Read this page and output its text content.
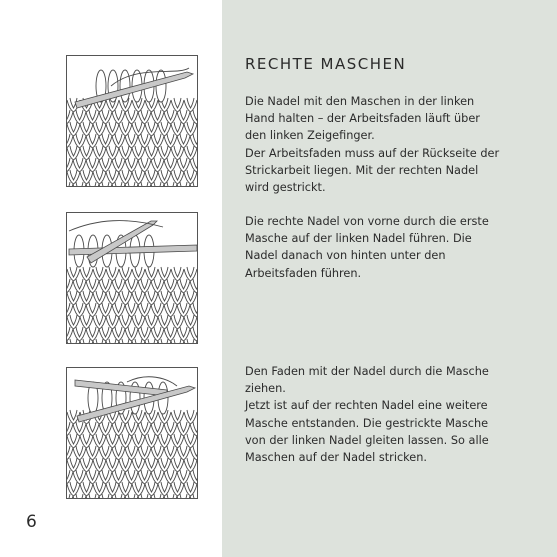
RECHTE MASCHEN
Die Nadel mit den Maschen in der linken
Hand halten – der Arbeitsfaden läuft über
den linken Zeigefinger.
Der Arbeitsfaden muss auf der Rückseite der
Strickarbeit liegen. Mit der rechten Nadel
wird gestrickt.
Die rechte Nadel von vorne durch die erste
Masche auf der linken Nadel führen. Die
Nadel danach von hinten unter den
Arbeitsfaden führen.
Den Faden mit der Nadel durch die Masche
ziehen.
Jetzt ist auf der rechten Nadel eine weitere
Masche entstanden. Die gestrickte Masche
von der linken Nadel gleiten lassen. So alle
Maschen auf der Nadel stricken.
6
